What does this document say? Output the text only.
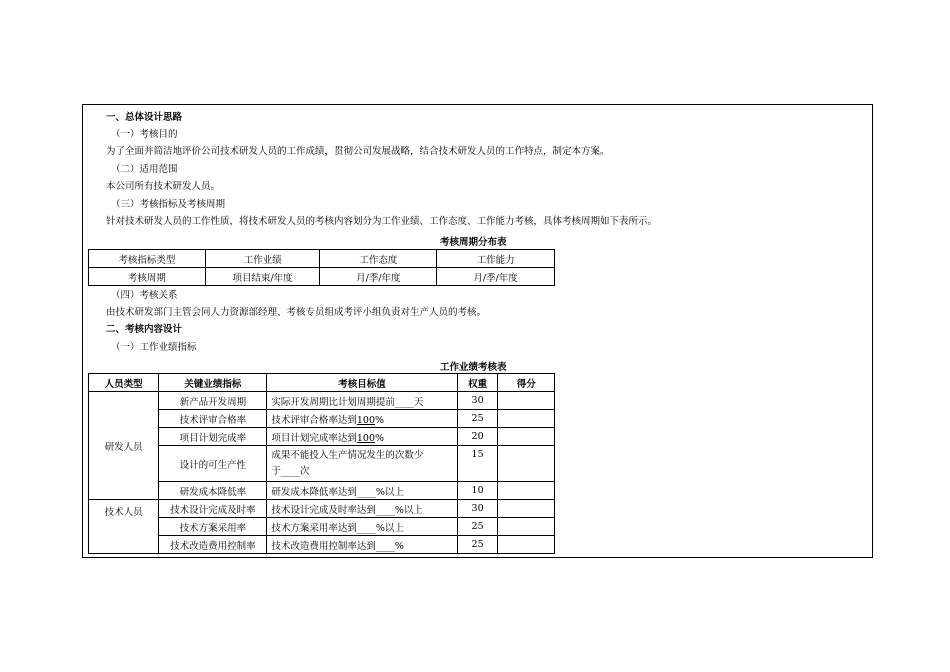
一、总体设计思路
（一）考核目的
为了全面并简洁地评价公司技术研发人员的工作成绩，贯彻公司发展战略，结合技术研发人员的工作特点，制定本方案。
（二）适用范围
本公司所有技术研发人员。
（三）考核指标及考核周期
针对技术研发人员的工作性质，将技术研发人员的考核内容划分为工作业绩、工作态度、工作能力考核，具体考核周期如下表所示。
考核周期分布表
考核指标类型	工作业绩	工作态度	工作能力
考核周期	项目结束/年度	月/季/年度	月/季/年度
（四）考核关系
由技术研发部门主管会同人力资源部经理、考核专员组成考评小组负责对生产人员的考核。
二、考核内容设计
（一）工作业绩指标
工作业绩考核表
人员类型	关键业绩指标	考核目标值	权重	得分
研发人员	新产品开发周期	实际开发周期比计划周期提前____天	30	
	技术评审合格率	技术评审合格率达到100%	25	
	项目计划完成率	项目计划完成率达到100%	20	
	设计的可生产性	成果不能投入生产情况发生的次数少
于____次	15	
	研发成本降低率	研发成本降低率达到____%以上	10	
技术人员	技术设计完成及时率	技术设计完成及时率达到____%以上	30	
	技术方案采用率	技术方案采用率达到____%以上	25	
	技术改造费用控制率	技术改造费用控制率达到____%	25	
